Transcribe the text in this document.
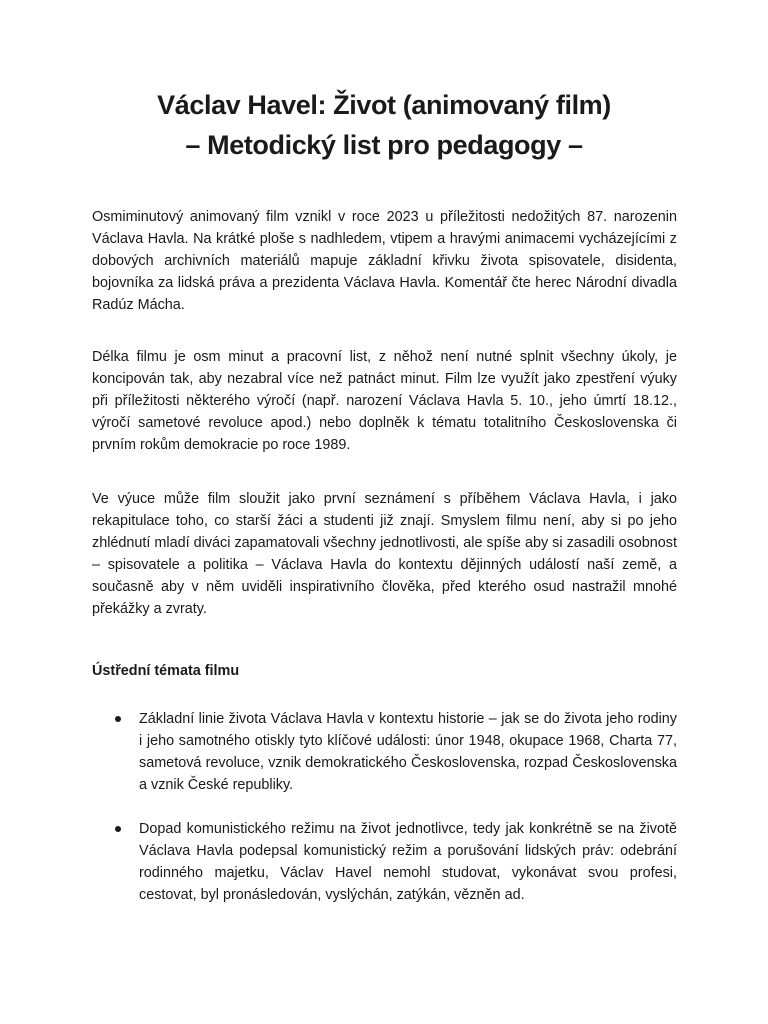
Václav Havel: Život (animovaný film)
– Metodický list pro pedagogy –

Osmiminutový animovaný film vznikl v roce 2023 u příležitosti nedožitých 87. narozenin Václava Havla. Na krátké ploše s nadhledem, vtipem a hravými animacemi vycházejícími z dobových archivních materiálů mapuje základní křivku života spisovatele, disidenta, bojovníka za lidská práva a prezidenta Václava Havla. Komentář čte herec Národní divadla Radúz Mácha.

Délka filmu je osm minut a pracovní list, z něhož není nutné splnit všechny úkoly, je koncipován tak, aby nezabral více než patnáct minut. Film lze využít jako zpestření výuky při příležitosti některého výročí (např. narození Václava Havla 5. 10., jeho úmrtí 18.12., výročí sametové revoluce apod.) nebo doplněk k tématu totalitního Československa či prvním rokům demokracie po roce 1989.

Ve výuce může film sloužit jako první seznámení s příběhem Václava Havla, i jako rekapitulace toho, co starší žáci a studenti již znají. Smyslem filmu není, aby si po jeho zhlédnutí mladí diváci zapamatovali všechny jednotlivosti, ale spíše aby si zasadili osobnost – spisovatele a politika – Václava Havla do kontextu dějinných událostí naší země, a současně aby v něm uviděli inspirativního člověka, před kterého osud nastražil mnohé překážky a zvraty.

Ústřední témata filmu

Základní linie života Václava Havla v kontextu historie – jak se do života jeho rodiny i jeho samotného otiskly tyto klíčové události: únor 1948, okupace 1968, Charta 77, sametová revoluce, vznik demokratického Československa, rozpad Československa a vznik České republiky.
Dopad komunistického režimu na život jednotlivce, tedy jak konkrétně se na životě Václava Havla podepsal komunistický režim a porušování lidských práv: odebrání rodinného majetku, Václav Havel nemohl studovat, vykonávat svou profesi, cestovat, byl pronásledován, vyslýchán, zatýkán, vězněn ad.
